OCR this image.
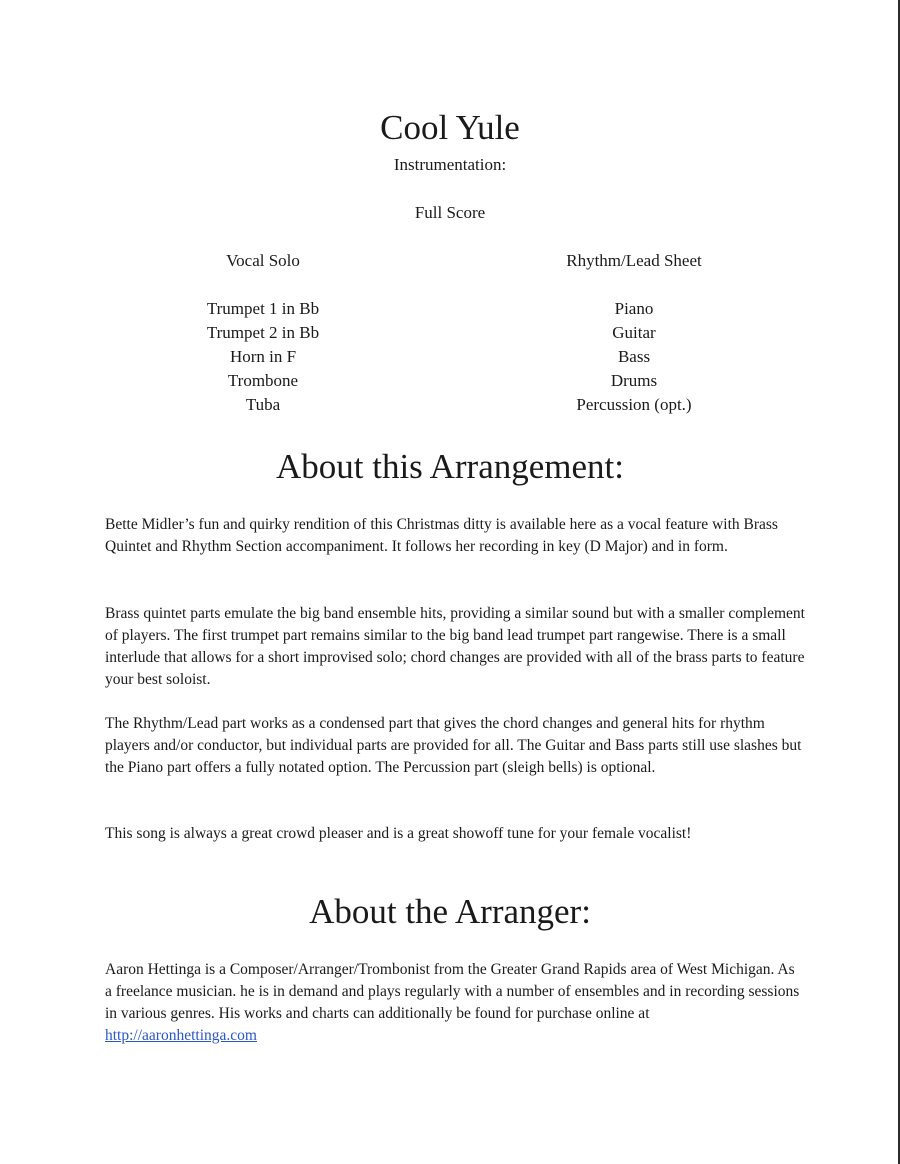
Cool Yule
Instrumentation:
Full Score
Vocal Solo
Trumpet 1 in Bb
Trumpet 2 in Bb
Horn in F
Trombone
Tuba
Rhythm/Lead Sheet
Piano
Guitar
Bass
Drums
Percussion (opt.)
About this Arrangement:

Bette Midler’s fun and quirky rendition of this Christmas ditty is available here as a vocal feature with Brass Quintet and Rhythm Section accompaniment. It follows her recording in key (D Major) and in form.

Brass quintet parts emulate the big band ensemble hits, providing a similar sound but with a smaller complement of players. The first trumpet part remains similar to the big band lead trumpet part rangewise. There is a small interlude that allows for a short improvised solo; chord changes are provided with all of the brass parts to feature your best soloist.

The Rhythm/Lead part works as a condensed part that gives the chord changes and general hits for rhythm players and/or conductor, but individual parts are provided for all. The Guitar and Bass parts still use slashes but the Piano part offers a fully notated option. The Percussion part (sleigh bells) is optional.

This song is always a great crowd pleaser and is a great showoff tune for your female vocalist!

About the Arranger:

Aaron Hettinga is a Composer/Arranger/Trombonist from the Greater Grand Rapids area of West Michigan. As a freelance musician. he is in demand and plays regularly with a number of ensembles and in recording sessions in various genres. His works and charts can additionally be found for purchase online at http://aaronhettinga.com
